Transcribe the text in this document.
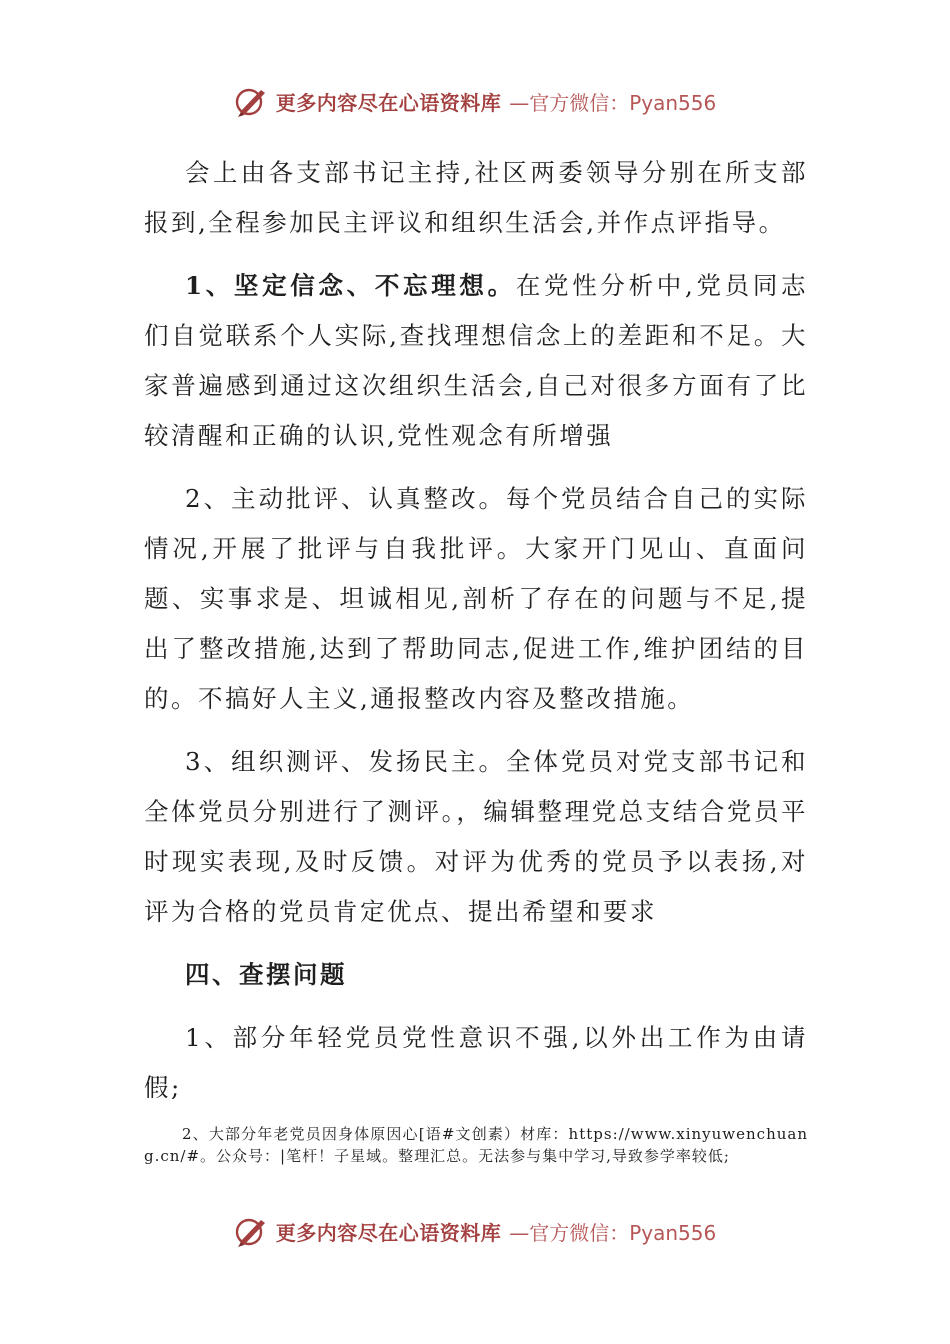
更多内容尽在心语资料库 —官方微信：Pyan556

会上由各支部书记主持,社区两委领导分别在所支部报到,全程参加民主评议和组织生活会,并作点评指导。

1、坚定信念、不忘理想。在党性分析中,党员同志们自觉联系个人实际,查找理想信念上的差距和不足。大家普遍感到通过这次组织生活会,自己对很多方面有了比较清醒和正确的认识,党性观念有所增强

2、主动批评、认真整改。每个党员结合自己的实际情况,开展了批评与自我批评。大家开门见山、直面问题、实事求是、坦诚相见,剖析了存在的问题与不足,提出了整改措施,达到了帮助同志,促进工作,维护团结的目的。不搞好人主义,通报整改内容及整改措施。

3、组织测评、发扬民主。全体党员对党支部书记和全体党员分别进行了测评。，编辑整理党总支结合党员平时现实表现,及时反馈。对评为优秀的党员予以表扬,对评为合格的党员肯定优点、提出希望和要求

四、查摆问题

1、部分年轻党员党性意识不强,以外出工作为由请假;

2、大部分年老党员因身体原因心[语#文创素）材库：https://www.xinyuwenchuang.cn/#。公众号：|笔杆！子星域。整理汇总。无法参与集中学习,导致参学率较低;

更多内容尽在心语资料库 —官方微信：Pyan556
